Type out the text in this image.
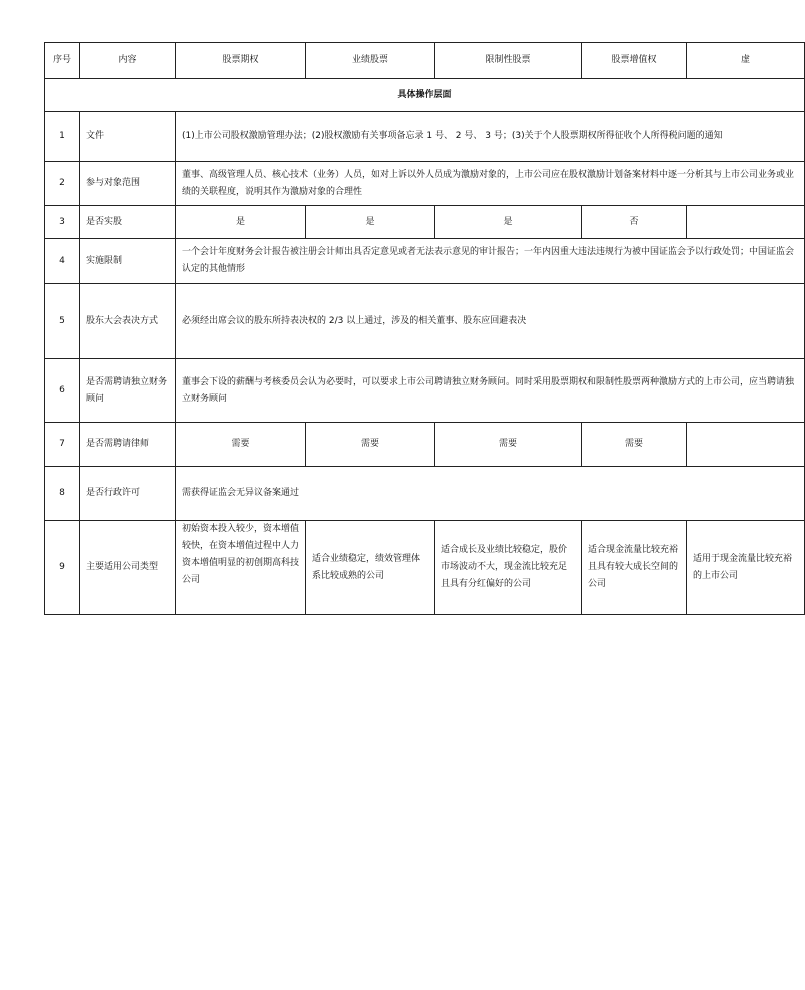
序号	内容	股票期权	业绩股票	限制性股票	股票增值权	虚
具体操作层面						
1	文件	(1)上市公司股权激励管理办法；(2)股权激励有关事项备忘录 1 号、 2 号、 3 号；(3)关于个人股票期权所得征收个人所得税问题的通知				
2	参与对象范围	董事、高级管理人员、核心技术（业务）人员，如对上诉以外人员成为激励对象的，上市公司应在股权激励计划备案材料中逐一分析其与上市公司业务或业绩的关联程度，说明其作为激励对象的合理性				
3	是否实股	是	是	是	否	
4	实施限制	一个会计年度财务会计报告被注册会计师出具否定意见或者无法表示意见的审计报告；一年内因重大违法违规行为被中国证监会予以行政处罚；中国证监会认定的其他情形				
5	股东大会表决方式	必须经出席会议的股东所持表决权的 2/3 以上通过，涉及的相关董事、股东应回避表决				
6	是否需聘请独立财务顾问	董事会下设的薪酬与考核委员会认为必要时，可以要求上市公司聘请独立财务顾问。同时采用股票期权和限制性股票两种激励方式的上市公司，应当聘请独立财务顾问				
7	是否需聘请律师	需要	需要	需要	需要	
8	是否行政许可	需获得证监会无异议备案通过				
9	主要适用公司类型	初始资本投入较少，资本增值较快，在资本增值过程中人力资本增值明显的初创期高科技公司	适合业绩稳定，绩效管理体系比较成熟的公司	适合成长及业绩比较稳定，股价市场波动不大，现金流比较充足且具有分红偏好的公司	适合现金流量比较充裕且具有较大成长空间的公司	适用于现金流量比较充裕的上市公司
